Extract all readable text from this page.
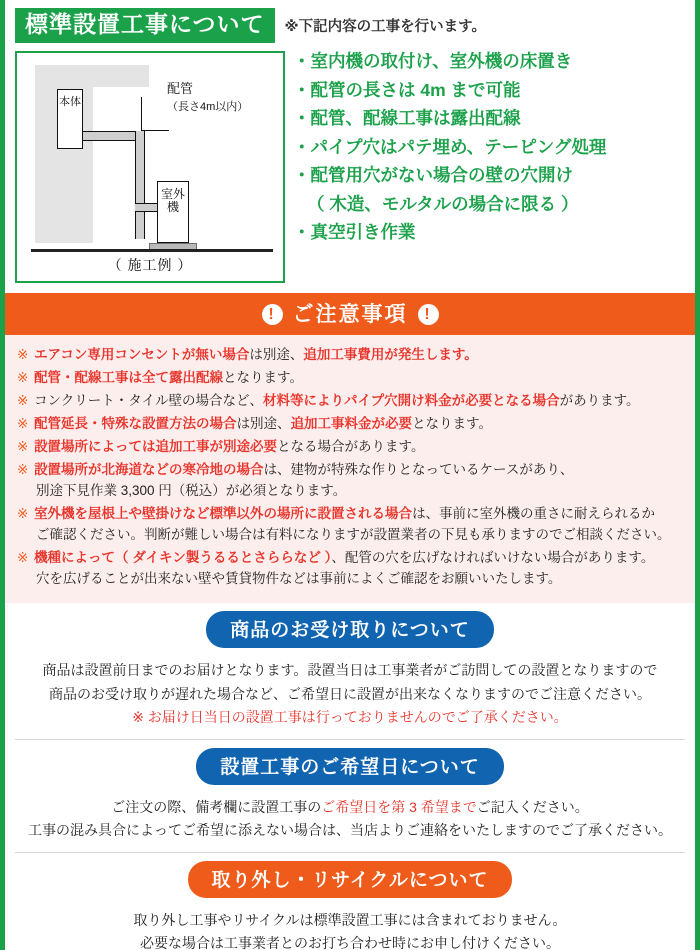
標準設置工事について	※下記内容の工事を行います。
本体
室外機
配管
（長さ4m以内）
（ 施工例 ）
・室内機の取付け、室外機の床置き
・配管の長さは 4m まで可能
・配管、配線工事は露出配線
・パイプ穴はパテ埋め、テーピング処理
・配管用穴がない場合の壁の穴開け
（ 木造、モルタルの場合に限る ）
・真空引き作業
! ご注意事項 !
※ エアコン専用コンセントが無い場合は別途、追加工事費用が発生します。
※ 配管・配線工事は全て露出配線となります。
※ コンクリート・タイル壁の場合など、材料等によりパイプ穴開け料金が必要となる場合があります。
※ 配管延長・特殊な設置方法の場合は別途、追加工事料金が必要となります。
※ 設置場所によっては追加工事が別途必要となる場合があります。
※ 設置場所が北海道などの寒冷地の場合は、建物が特殊な作りとなっているケースがあり、
別途下見作業 3,300 円（税込）が必須となります。
※ 室外機を屋根上や壁掛けなど標準以外の場所に設置される場合は、事前に室外機の重さに耐えられるか
ご確認ください。判断が難しい場合は有料になりますが設置業者の下見も承りますのでご相談ください。
※ 機種によって（ ダイキン製うるるとさららなど ）、配管の穴を広げなければいけない場合があります。
穴を広げることが出来ない壁や賃貸物件などは事前によくご確認をお願いいたします。
商品のお受け取りについて
商品は設置前日までのお届けとなります。設置当日は工事業者がご訪問しての設置となりますので
商品のお受け取りが遅れた場合など、ご希望日に設置が出来なくなりますのでご注意ください。
※ お届け日当日の設置工事は行っておりませんのでご了承ください。
設置工事のご希望日について
ご注文の際、備考欄に設置工事のご希望日を第 3 希望までご記入ください。
工事の混み具合によってご希望に添えない場合は、当店よりご連絡をいたしますのでご了承ください。
取り外し・リサイクルについて
取り外し工事やリサイクルは標準設置工事には含まれておりません。
必要な場合は工事業者とのお打ち合わせ時にお申し付けください。
